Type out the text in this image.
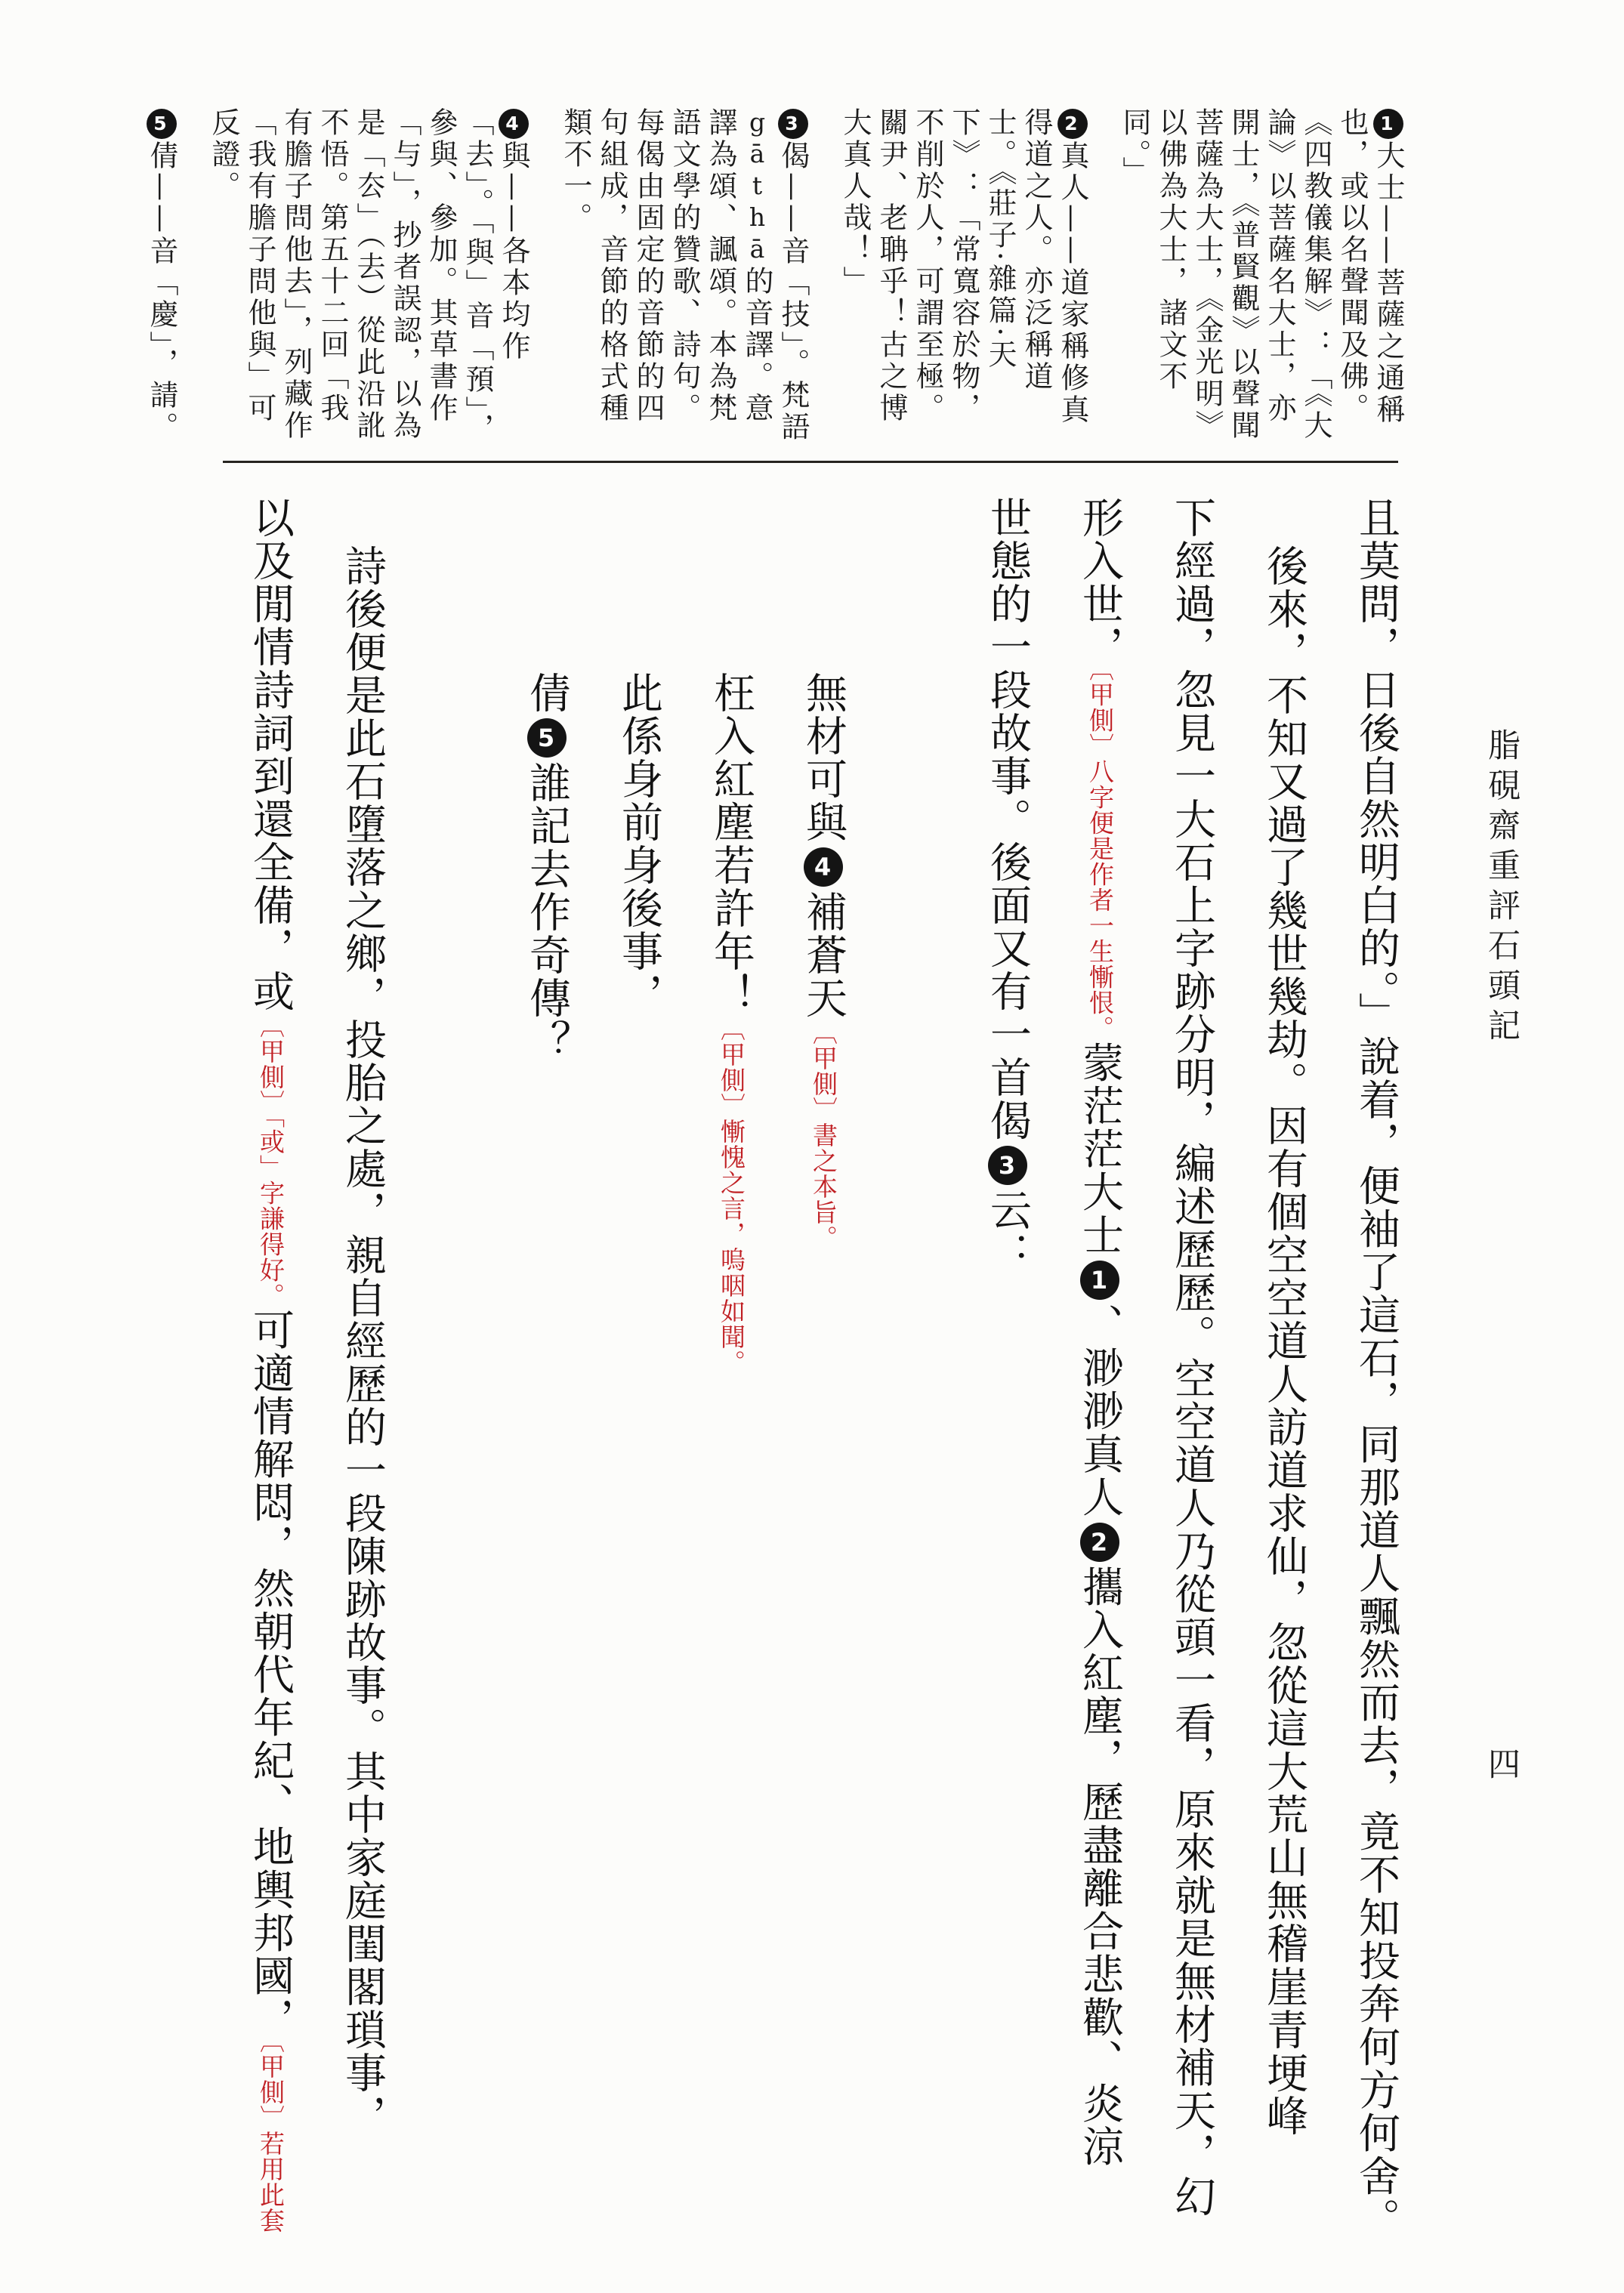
脂硯齋重評石頭記

1大士——菩薩之通稱也，或以名聲聞及佛。《四教儀集解》：「《大論》以菩薩名大士，亦開士，《普賢觀》以聲聞菩薩為大士，《金光明》以佛為大士，諸文不同。」

2真人——道家稱修真得道之人。亦泛稱道士。《莊子·雜篇·天下》：「常寬容於物，不削於人，可謂至極。關尹、老聃乎！古之博大真人哉！」

3偈——音「技」。梵語gāthā的音譯。意譯為頌、諷頌。本為梵語文學的贊歌、詩句。每偈由固定的音節的四句組成，音節的格式種類不一。

4與——各本均作「去」。「與」音「預」，參與、參加。其草書作「与」，抄者誤認，以為是「厺」（去）從此沿訛不悟。第五十二回「我有膽子問他去」，列藏作「我有膽子問他與」可反證。

5倩——音「慶」，請。

且莫問，日後自然明白的。」說着，便袖了這石，同那道人飄然而去，竟不知投奔何方何舍。
後來，不知又過了幾世幾劫。因有個空空道人訪道求仙，忽從這大荒山無稽崖青埂峰
下經過，忽見一大石上字跡分明，編述歷歷。空空道人乃從頭一看，原來就是無材補天，幻
形入世，〔甲側〕八字便是作者一生慚恨。蒙茫茫大士1、渺渺真人2攜入紅塵，歷盡離合悲歡、炎涼
世態的一段故事。後面又有一首偈3云：
無材可與4補蒼天〔甲側〕書之本旨。
枉入紅塵若許年！〔甲側〕慚愧之言，嗚咽如聞。
此係身前身後事，
倩5誰記去作奇傳？
詩後便是此石墮落之鄉，投胎之處，親自經歷的一段陳跡故事。其中家庭閨閣瑣事，
以及閒情詩詞到還全備，或〔甲側〕「或」字謙得好。可適情解悶，然朝代年紀、地輿邦國，〔甲側〕若用此套
四
